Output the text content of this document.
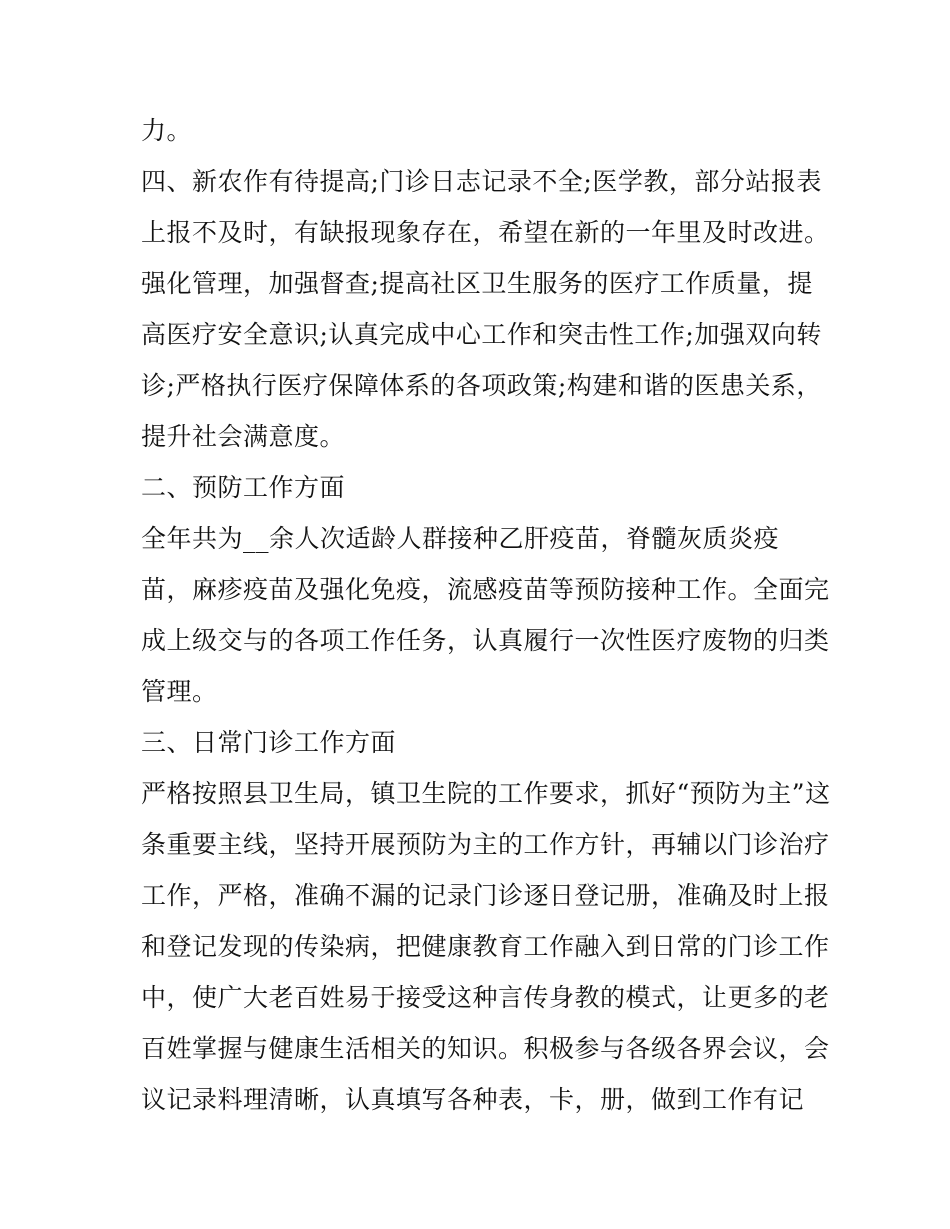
力。
四、新农作有待提高;门诊日志记录不全;医学教，部分站报表
上报不及时，有缺报现象存在，希望在新的一年里及时改进。
强化管理，加强督查;提高社区卫生服务的医疗工作质量，提
高医疗安全意识;认真完成中心工作和突击性工作;加强双向转
诊;严格执行医疗保障体系的各项政策;构建和谐的医患关系，
提升社会满意度。
二、预防工作方面
全年共为__余人次适龄人群接种乙肝疫苗，脊髓灰质炎疫
苗，麻疹疫苗及强化免疫，流感疫苗等预防接种工作。全面完
成上级交与的各项工作任务，认真履行一次性医疗废物的归类
管理。
三、日常门诊工作方面
严格按照县卫生局，镇卫生院的工作要求，抓好“预防为主”这
条重要主线，坚持开展预防为主的工作方针，再辅以门诊治疗
工作，严格，准确不漏的记录门诊逐日登记册，准确及时上报
和登记发现的传染病，把健康教育工作融入到日常的门诊工作
中，使广大老百姓易于接受这种言传身教的模式，让更多的老
百姓掌握与健康生活相关的知识。积极参与各级各界会议，会
议记录料理清晰，认真填写各种表，卡，册，做到工作有记
